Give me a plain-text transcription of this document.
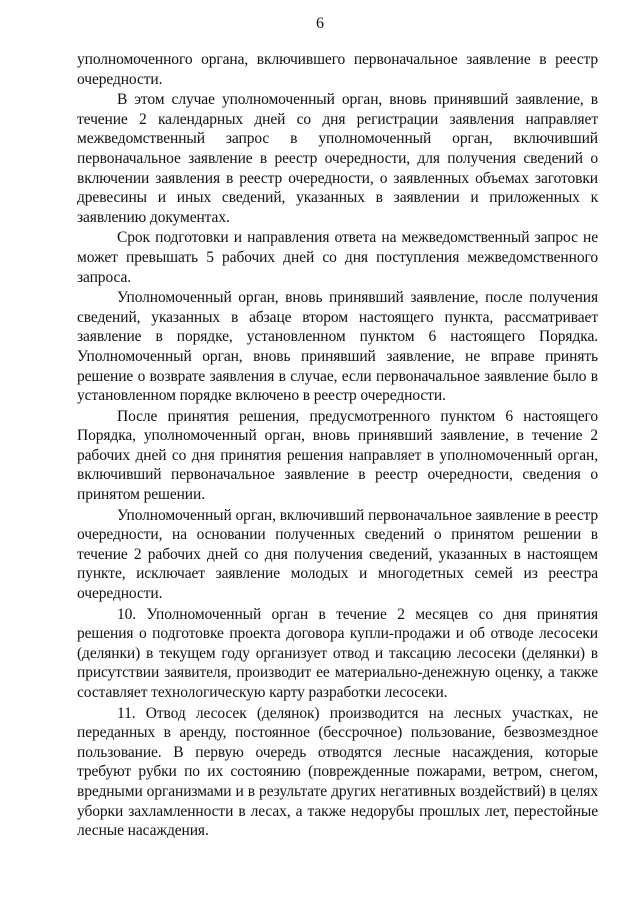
6

уполномоченного органа, включившего первоначальное заявление в реестр очередности.

В этом случае уполномоченный орган, вновь принявший заявление, в течение 2 календарных дней со дня регистрации заявления направляет межведомственный запрос в уполномоченный орган, включивший первоначальное заявление в реестр очередности, для получения сведений о включении заявления в реестр очередности, о заявленных объемах заготовки древесины и иных сведений, указанных в заявлении и приложенных к заявлению документах.

Срок подготовки и направления ответа на межведомственный запрос не может превышать 5 рабочих дней со дня поступления межведомственного запроса.

Уполномоченный орган, вновь принявший заявление, после получения сведений, указанных в абзаце втором настоящего пункта, рассматривает заявление в порядке, установленном пунктом 6 настоящего Порядка. Уполномоченный орган, вновь принявший заявление, не вправе принять решение о возврате заявления в случае, если первоначальное заявление было в установленном порядке включено в реестр очередности.

После принятия решения, предусмотренного пунктом 6 настоящего Порядка, уполномоченный орган, вновь принявший заявление, в течение 2 рабочих дней со дня принятия решения направляет в уполномоченный орган, включивший первоначальное заявление в реестр очередности, сведения о принятом решении.

Уполномоченный орган, включивший первоначальное заявление в реестр очередности, на основании полученных сведений о принятом решении в течение 2 рабочих дней со дня получения сведений, указанных в настоящем пункте, исключает заявление молодых и многодетных семей из реестра очередности.

10. Уполномоченный орган в течение 2 месяцев со дня принятия решения о подготовке проекта договора купли-продажи и об отводе лесосеки (делянки) в текущем году организует отвод и таксацию лесосеки (делянки) в присутствии заявителя, производит ее материально-денежную оценку, а также составляет технологическую карту разработки лесосеки.

11. Отвод лесосек (делянок) производится на лесных участках, не переданных в аренду, постоянное (бессрочное) пользование, безвозмездное пользование. В первую очередь отводятся лесные насаждения, которые требуют рубки по их состоянию (поврежденные пожарами, ветром, снегом, вредными организмами и в результате других негативных воздействий) в целях уборки захламленности в лесах, а также недорубы прошлых лет, перестойные лесные насаждения.
